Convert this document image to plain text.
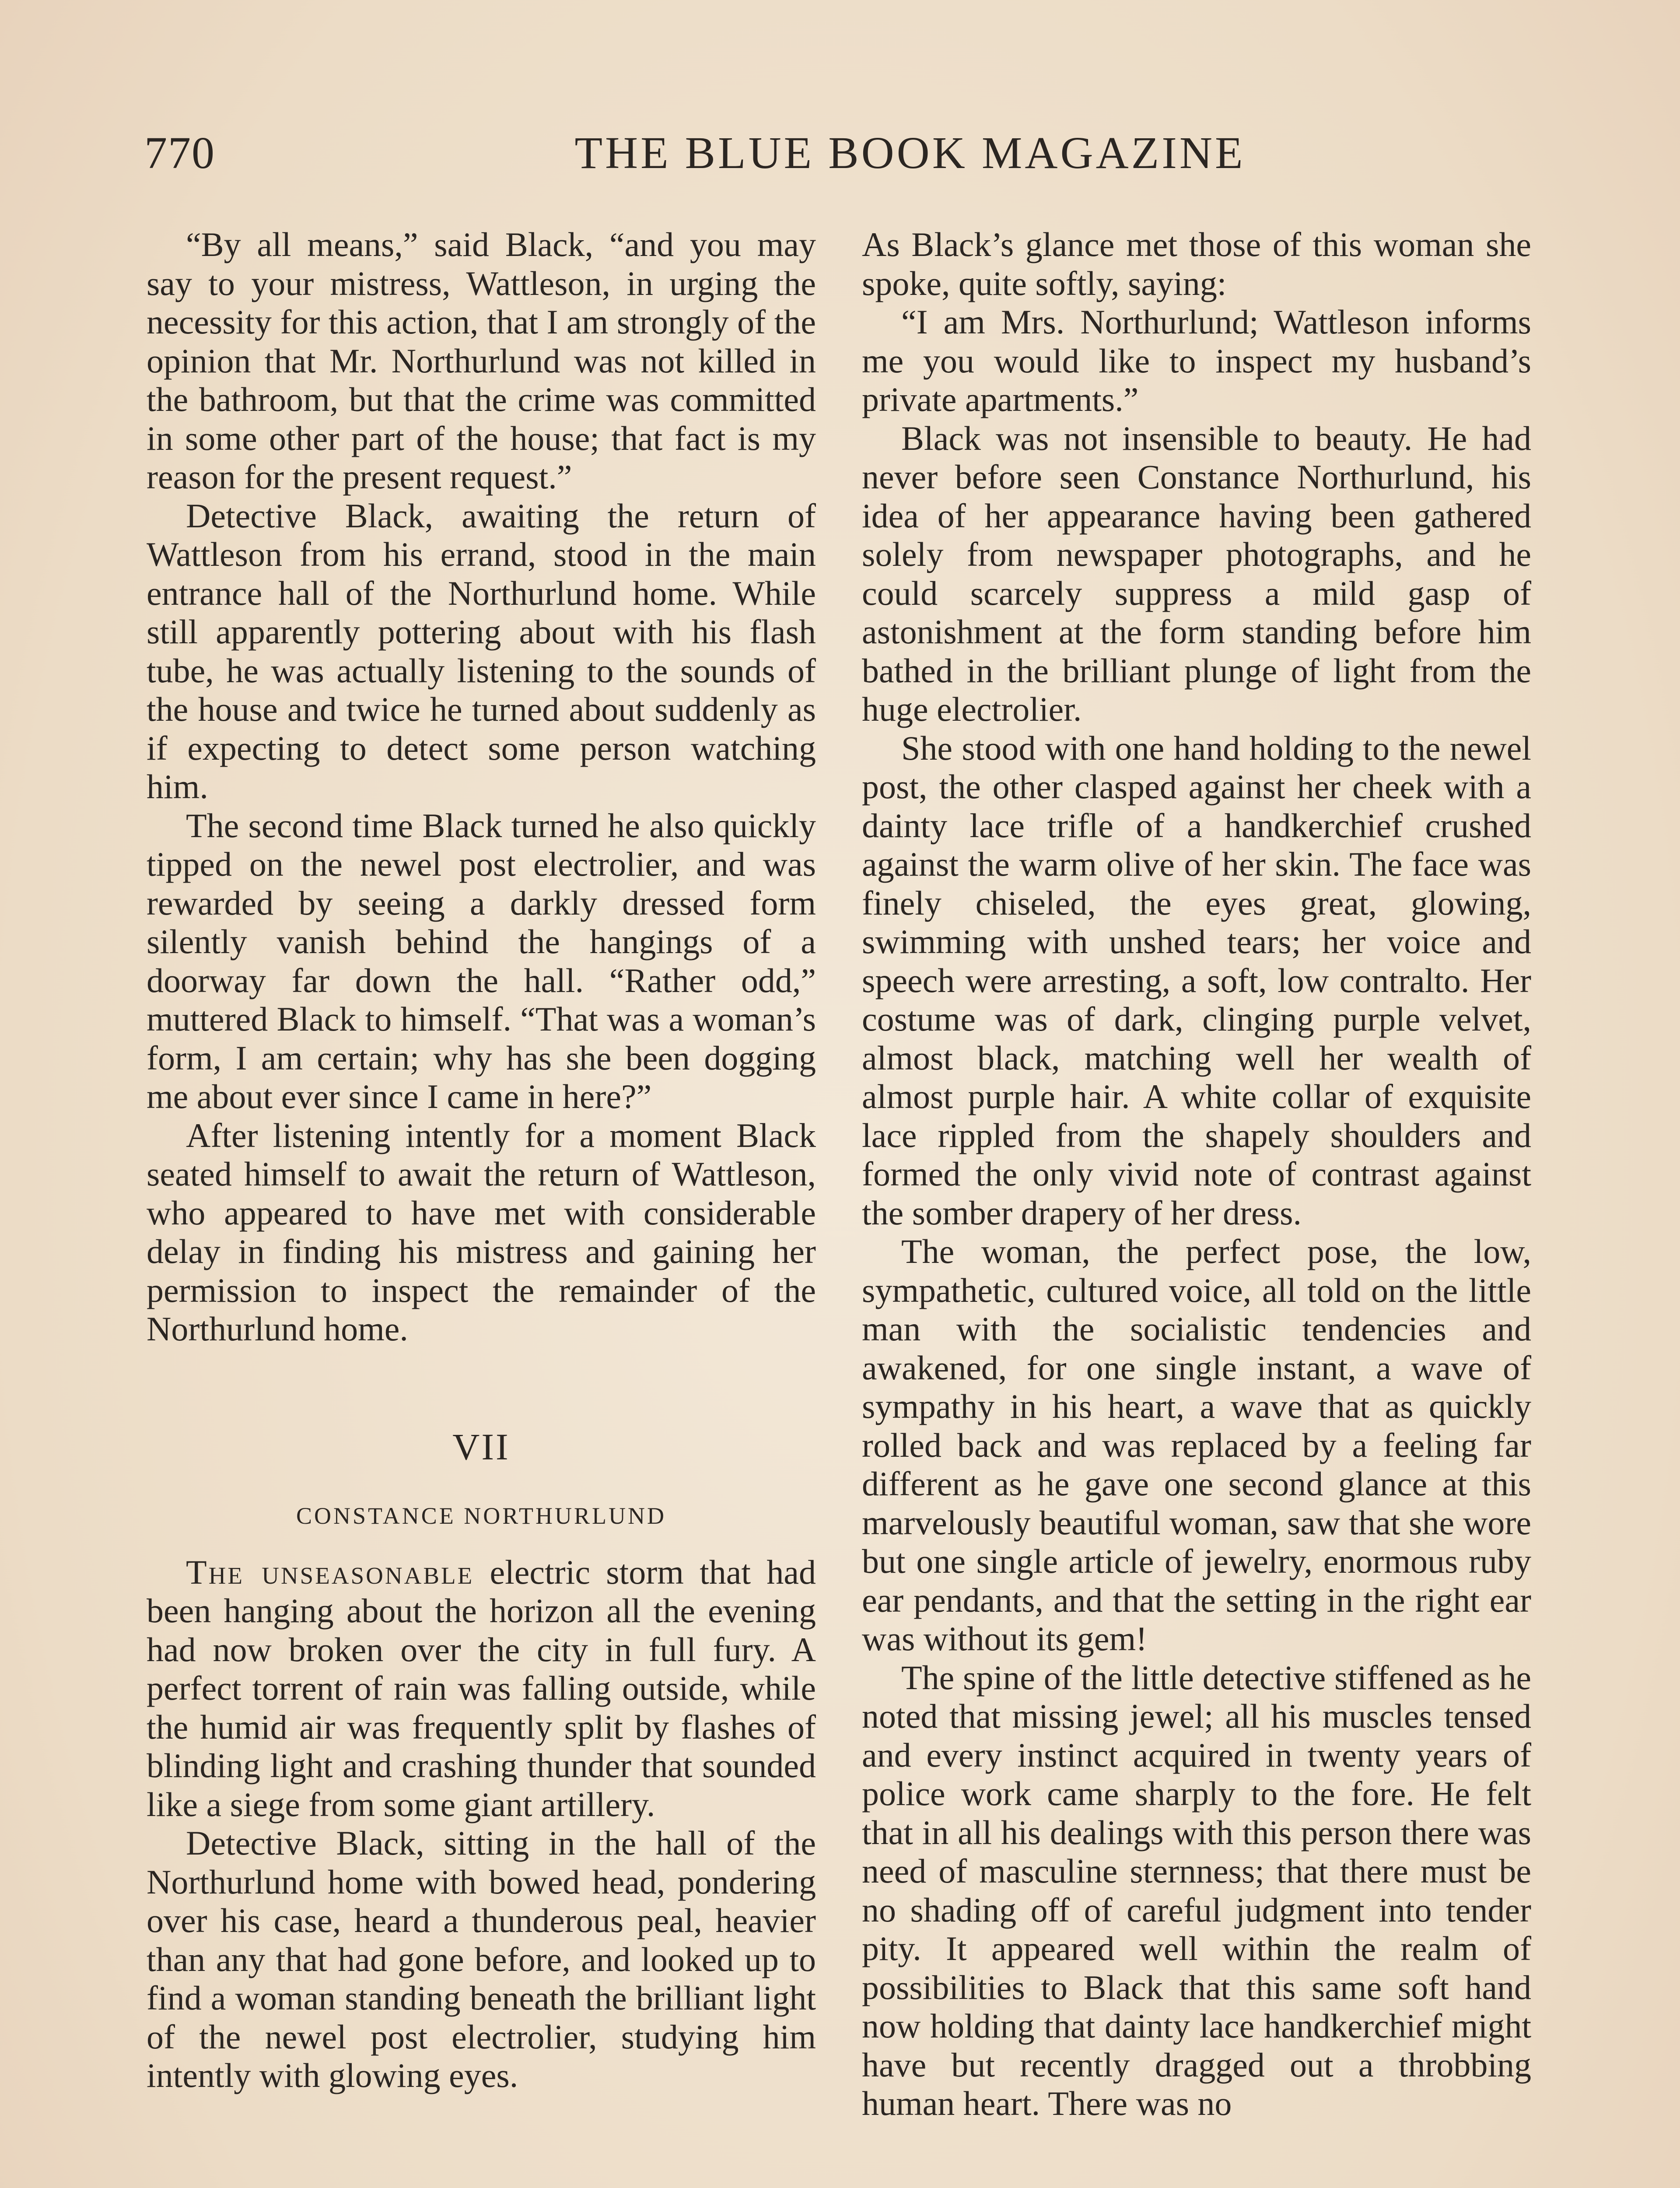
770	THE BLUE BOOK MAGAZINE

“By all means,” said Black, “and you may say to your mistress, Wattleson, in urging the necessity for this action, that I am strongly of the opinion that Mr. Northurlund was not killed in the bathroom, but that the crime was committed in some other part of the house; that fact is my reason for the present request.”

Detective Black, awaiting the return of Wattleson from his errand, stood in the main entrance hall of the Northurlund home. While still apparently pottering about with his flash tube, he was actually listening to the sounds of the house and twice he turned about suddenly as if expecting to detect some person watching him.

The second time Black turned he also quickly tipped on the newel post electrolier, and was rewarded by seeing a darkly dressed form silently vanish behind the hangings of a doorway far down the hall. “Rather odd,” muttered Black to himself. “That was a woman’s form, I am certain; why has she been dogging me about ever since I came in here?”

After listening intently for a moment Black seated himself to await the return of Wattleson, who appeared to have met with considerable delay in finding his mistress and gaining her permission to inspect the remainder of the Northurlund home.

VII
CONSTANCE NORTHURLUND

The unseasonable electric storm that had been hanging about the horizon all the evening had now broken over the city in full fury. A perfect torrent of rain was falling outside, while the humid air was frequently split by flashes of blinding light and crashing thunder that sounded like a siege from some giant artillery.

Detective Black, sitting in the hall of the Northurlund home with bowed head, pondering over his case, heard a thunderous peal, heavier than any that had gone before, and looked up to find a woman standing beneath the brilliant light of the newel post electrolier, studying him intently with glowing eyes.

As Black’s glance met those of this woman she spoke, quite softly, saying:

“I am Mrs. Northurlund; Wattleson informs me you would like to inspect my husband’s private apartments.”

Black was not insensible to beauty. He had never before seen Constance Northurlund, his idea of her appearance having been gathered solely from newspaper photographs, and he could scarcely suppress a mild gasp of astonishment at the form standing before him bathed in the brilliant plunge of light from the huge electrolier.

She stood with one hand holding to the newel post, the other clasped against her cheek with a dainty lace trifle of a handkerchief crushed against the warm olive of her skin. The face was finely chiseled, the eyes great, glowing, swimming with unshed tears; her voice and speech were arresting, a soft, low contralto. Her costume was of dark, clinging purple velvet, almost black, matching well her wealth of almost purple hair. A white collar of exquisite lace rippled from the shapely shoulders and formed the only vivid note of contrast against the somber drapery of her dress.

The woman, the perfect pose, the low, sympathetic, cultured voice, all told on the little man with the socialistic tendencies and awakened, for one single instant, a wave of sympathy in his heart, a wave that as quickly rolled back and was replaced by a feeling far different as he gave one second glance at this marvelously beautiful woman, saw that she wore but one single article of jewelry, enormous ruby ear pendants, and that the setting in the right ear was without its gem!

The spine of the little detective stiffened as he noted that missing jewel; all his muscles tensed and every instinct acquired in twenty years of police work came sharply to the fore. He felt that in all his dealings with this person there was need of masculine sternness; that there must be no shading off of careful judgment into tender pity. It appeared well within the realm of possibilities to Black that this same soft hand now holding that dainty lace handkerchief might have but recently dragged out a throbbing human heart. There was no
